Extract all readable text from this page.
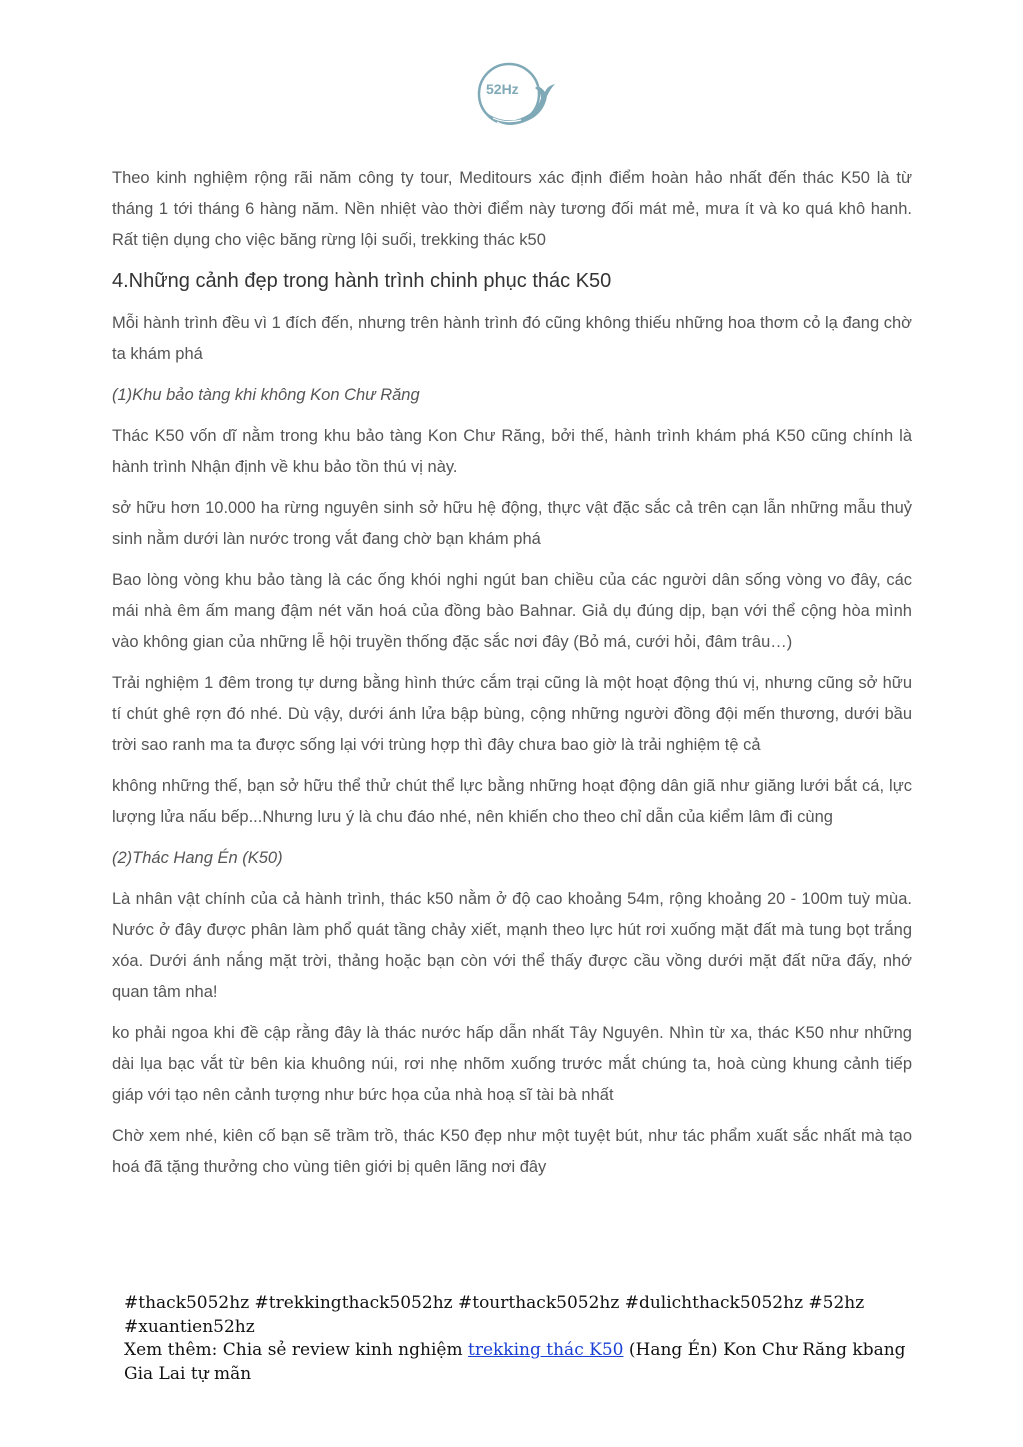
52Hz

Theo kinh nghiệm rộng rãi năm công ty tour, Meditours xác định điểm hoàn hảo nhất đến thác K50 là từ tháng 1 tới tháng 6 hàng năm. Nền nhiệt vào thời điểm này tương đối mát mẻ, mưa ít và ko quá khô hanh. Rất tiện dụng cho việc băng rừng lội suối, trekking thác k50

4.Những cảnh đẹp trong hành trình chinh phục thác K50

Mỗi hành trình đều vì 1 đích đến, nhưng trên hành trình đó cũng không thiếu những hoa thơm cỏ lạ đang chờ ta khám phá

(1)Khu bảo tàng khi không Kon Chư Răng

Thác K50 vốn dĩ nằm trong khu bảo tàng Kon Chư Răng, bởi thế, hành trình khám phá K50 cũng chính là hành trình Nhận định về khu bảo tồn thú vị này.

sở hữu hơn 10.000 ha rừng nguyên sinh sở hữu hệ động, thực vật đặc sắc cả trên cạn lẫn những mẫu thuỷ sinh nằm dưới làn nước trong vắt đang chờ bạn khám phá

Bao lòng vòng khu bảo tàng là các ống khói nghi ngút ban chiều của các người dân sống vòng vo đây, các mái nhà êm ấm mang đậm nét văn hoá của đồng bào Bahnar. Giả dụ đúng dịp, bạn với thể cộng hòa mình vào không gian của những lễ hội truyền thống đặc sắc nơi đây (Bỏ má, cưới hỏi, đâm trâu…)

Trải nghiệm 1 đêm trong tự dưng bằng hình thức cắm trại cũng là một hoạt động thú vị, nhưng cũng sở hữu tí chút ghê rợn đó nhé. Dù vậy, dưới ánh lửa bập bùng, cộng những người đồng đội mến thương, dưới bầu trời sao ranh ma ta được sống lại với trùng hợp thì đây chưa bao giờ là trải nghiệm tệ cả

không những thế, bạn sở hữu thể thử chút thể lực bằng những hoạt động dân giã như giăng lưới bắt cá, lực lượng lửa nấu bếp...Nhưng lưu ý là chu đáo nhé, nên khiến cho theo chỉ dẫn của kiểm lâm đi cùng

(2)Thác Hang Én (K50)

Là nhân vật chính của cả hành trình, thác k50 nằm ở độ cao khoảng 54m, rộng khoảng 20 - 100m tuỳ mùa. Nước ở đây được phân làm phổ quát tầng chảy xiết, mạnh theo lực hút rơi xuống mặt đất mà tung bọt trắng xóa. Dưới ánh nắng mặt trời, thảng hoặc bạn còn với thể thấy được cầu vồng dưới mặt đất nữa đấy, nhớ quan tâm nha!

ko phải ngoa khi đề cập rằng đây là thác nước hấp dẫn nhất Tây Nguyên. Nhìn từ xa, thác K50 như những dài lụa bạc vắt từ bên kia khuông núi, rơi nhẹ nhõm xuống trước mắt chúng ta, hoà cùng khung cảnh tiếp giáp với tạo nên cảnh tượng như bức họa của nhà hoạ sĩ tài bà nhất

Chờ xem nhé, kiên cố bạn sẽ trầm trồ, thác K50 đẹp như một tuyệt bút, như tác phẩm xuất sắc nhất mà tạo hoá đã tặng thưởng cho vùng tiên giới bị quên lãng nơi đây

#thack5052hz #trekkingthack5052hz #tourthack5052hz #dulichthack5052hz #52hz #xuantien52hz
Xem thêm: Chia sẻ review kinh nghiệm trekking thác K50 (Hang Én) Kon Chư Răng kbang Gia Lai tự mãn
